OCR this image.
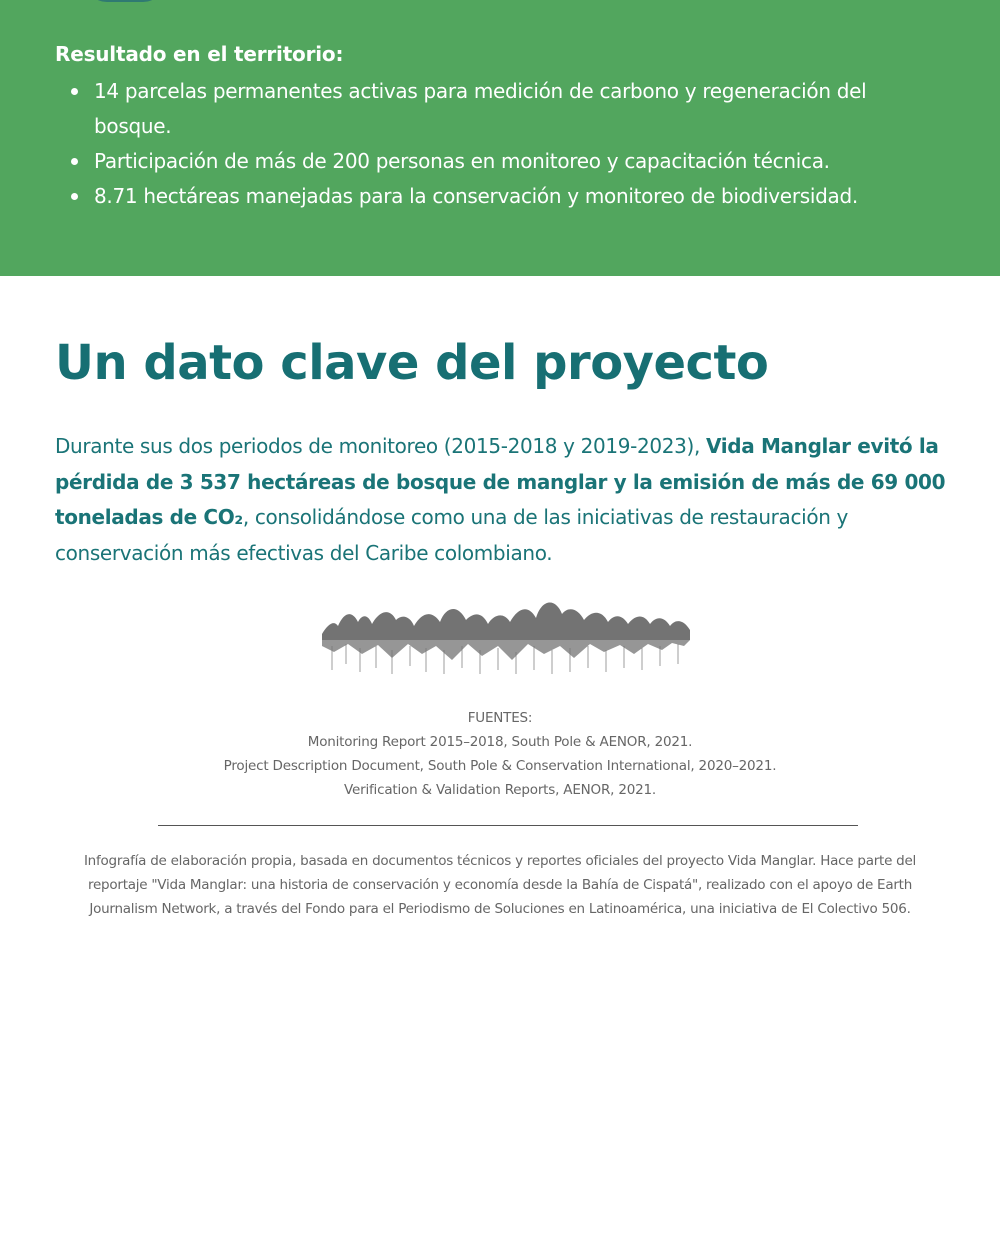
Resultado en el territorio:
14 parcelas permanentes activas para medición de carbono y regeneración del bosque.
Participación de más de 200 personas en monitoreo y capacitación técnica.
8.71 hectáreas manejadas para la conservación y monitoreo de biodiversidad.
Un dato clave del proyecto

Durante sus dos periodos de monitoreo (2015-2018 y 2019-2023), Vida Manglar evitó la pérdida de 3 537 hectáreas de bosque de manglar y la emisión de más de 69 000 toneladas de CO₂, consolidándose como una de las iniciativas de restauración y conservación más efectivas del Caribe colombiano.

FUENTES:
Monitoring Report 2015–2018, South Pole & AENOR, 2021.
Project Description Document, South Pole & Conservation International, 2020–2021.
Verification & Validation Reports, AENOR, 2021.

Infografía de elaboración propia, basada en documentos técnicos y reportes oficiales del proyecto Vida Manglar. Hace parte del reportaje "Vida Manglar: una historia de conservación y economía desde la Bahía de Cispatá", realizado con el apoyo de Earth Journalism Network, a través del Fondo para el Periodismo de Soluciones en Latinoamérica, una iniciativa de El Colectivo 506.
